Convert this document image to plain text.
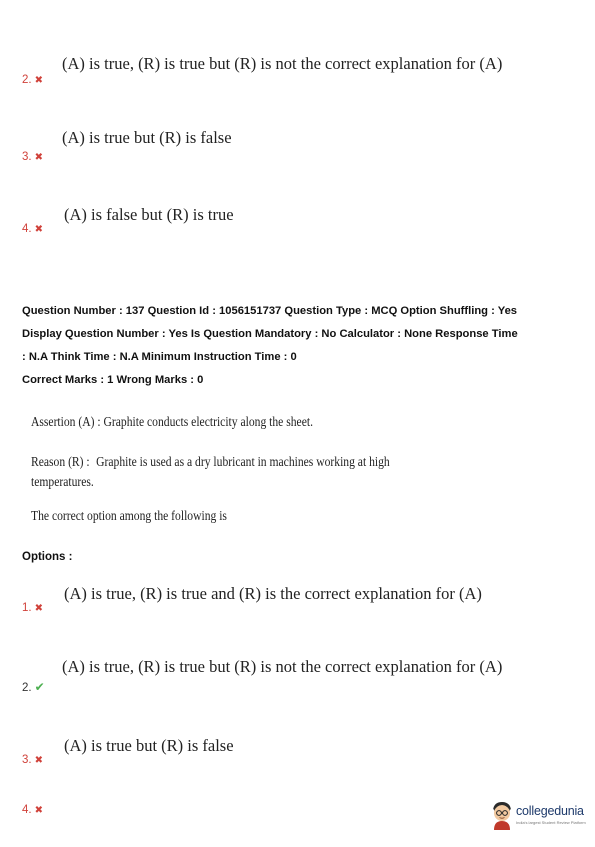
(A) is true, (R) is true but (R) is not the correct explanation for (A)
2. ✖
(A) is true but (R) is false
3. ✖
(A) is false but (R) is true
4. ✖

Question Number : 137 Question Id : 1056151737 Question Type : MCQ Option Shuffling : Yes

Display Question Number : Yes Is Question Mandatory : No Calculator : None Response Time

: N.A Think Time : N.A Minimum Instruction Time : 0

Correct Marks : 1 Wrong Marks : 0

Assertion (A) : Graphite conducts electricity along the sheet.
Reason (R) : Graphite is used as a dry lubricant in machines working at high temperatures.
The correct option among the following is
Options :
(A) is true, (R) is true and (R) is the correct explanation for (A)
1. ✖
(A) is true, (R) is true but (R) is not the correct explanation for (A)
2. ✔
(A) is true but (R) is false
3. ✖
4. ✖	collegedunia
India's largest Student Review Platform
